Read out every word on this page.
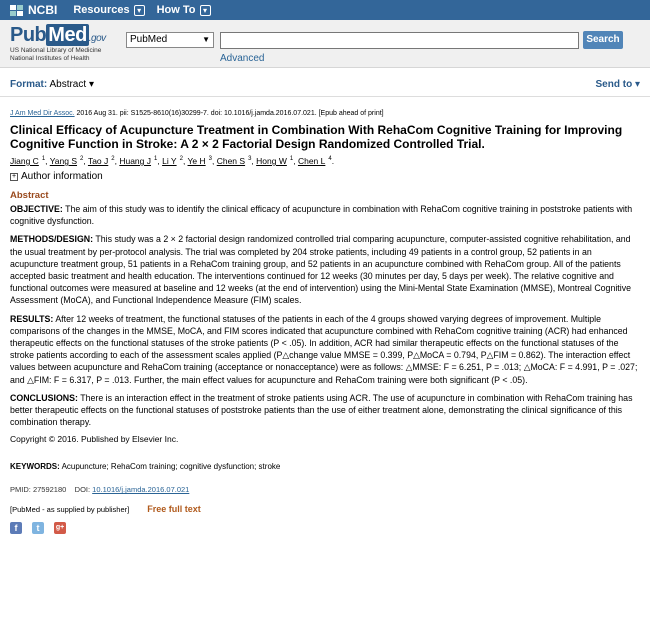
NCBI Resources ▾	How To ▾
Pub Med .gov
US National Library of Medicine
National Institutes of Health
PubMed	▼	Search
Advanced
Format: Abstract ▾	Send to ▾
J Am Med Dir Assoc. 2016 Aug 31. pii: S1525-8610(16)30299-7. doi: 10.1016/j.jamda.2016.07.021. [Epub ahead of print]
Clinical Efficacy of Acupuncture Treatment in Combination With RehaCom Cognitive Training for Improving Cognitive Function in Stroke: A 2 × 2 Factorial Design Randomized Controlled Trial.
Jiang C $^1$, Yang S $^2$, Tao J $^2$, Huang J $^1$, Li Y $^2$, Ye H $^3$, Chen S $^3$, Hong W $^1$, Chen L $^4$.
+ Author information
Abstract

OBJECTIVE: The aim of this study was to identify the clinical efficacy of acupuncture in combination with RehaCom cognitive training in poststroke patients with cognitive dysfunction.

METHODS/DESIGN: This study was a 2 × 2 factorial design randomized controlled trial comparing acupuncture, computer-assisted cognitive rehabilitation, and the usual treatment by per-protocol analysis. The trial was completed by 204 stroke patients, including 49 patients in a control group, 52 patients in an acupuncture treatment group, 51 patients in a RehaCom training group, and 52 patients in an acupuncture combined with RehaCom group. All of the patients accepted basic treatment and health education. The interventions continued for 12 weeks (30 minutes per day, 5 days per week). The relative cognitive and functional outcomes were measured at baseline and 12 weeks (at the end of intervention) using the Mini-Mental State Examination (MMSE), Montreal Cognitive Assessment (MoCA), and Functional Independence Measure (FIM) scales.

RESULTS: After 12 weeks of treatment, the functional statuses of the patients in each of the 4 groups showed varying degrees of improvement. Multiple comparisons of the changes in the MMSE, MoCA, and FIM scores indicated that acupuncture combined with RehaCom cognitive training (ACR) had enhanced therapeutic effects on the functional statuses of the stroke patients (P < .05). In addition, ACR had similar therapeutic effects on the functional statuses of the stroke patients according to each of the assessment scales applied (P△change value MMSE = 0.399, P△MoCA = 0.794, P△FIM = 0.862). The interaction effect values between acupuncture and RehaCom training (acceptance or nonacceptance) were as follows: △MMSE: F = 6.251, P = .013; △MoCA: F = 4.991, P = .027; and △FIM: F = 6.317, P = .013. Further, the main effect values for acupuncture and RehaCom training were both significant (P < .05).

CONCLUSIONS: There is an interaction effect in the treatment of stroke patients using ACR. The use of acupuncture in combination with RehaCom training has better therapeutic effects on the functional statuses of poststroke patients than the use of either treatment alone, demonstrating the clinical significance of this combination therapy.

Copyright © 2016. Published by Elsevier Inc.
KEYWORDS: Acupuncture; RehaCom training; cognitive dysfunction; stroke
PMID: 27592180 DOI: 10.1016/j.jamda.2016.07.021
[PubMed - as supplied by publisher] Free full text
f	t	g+
